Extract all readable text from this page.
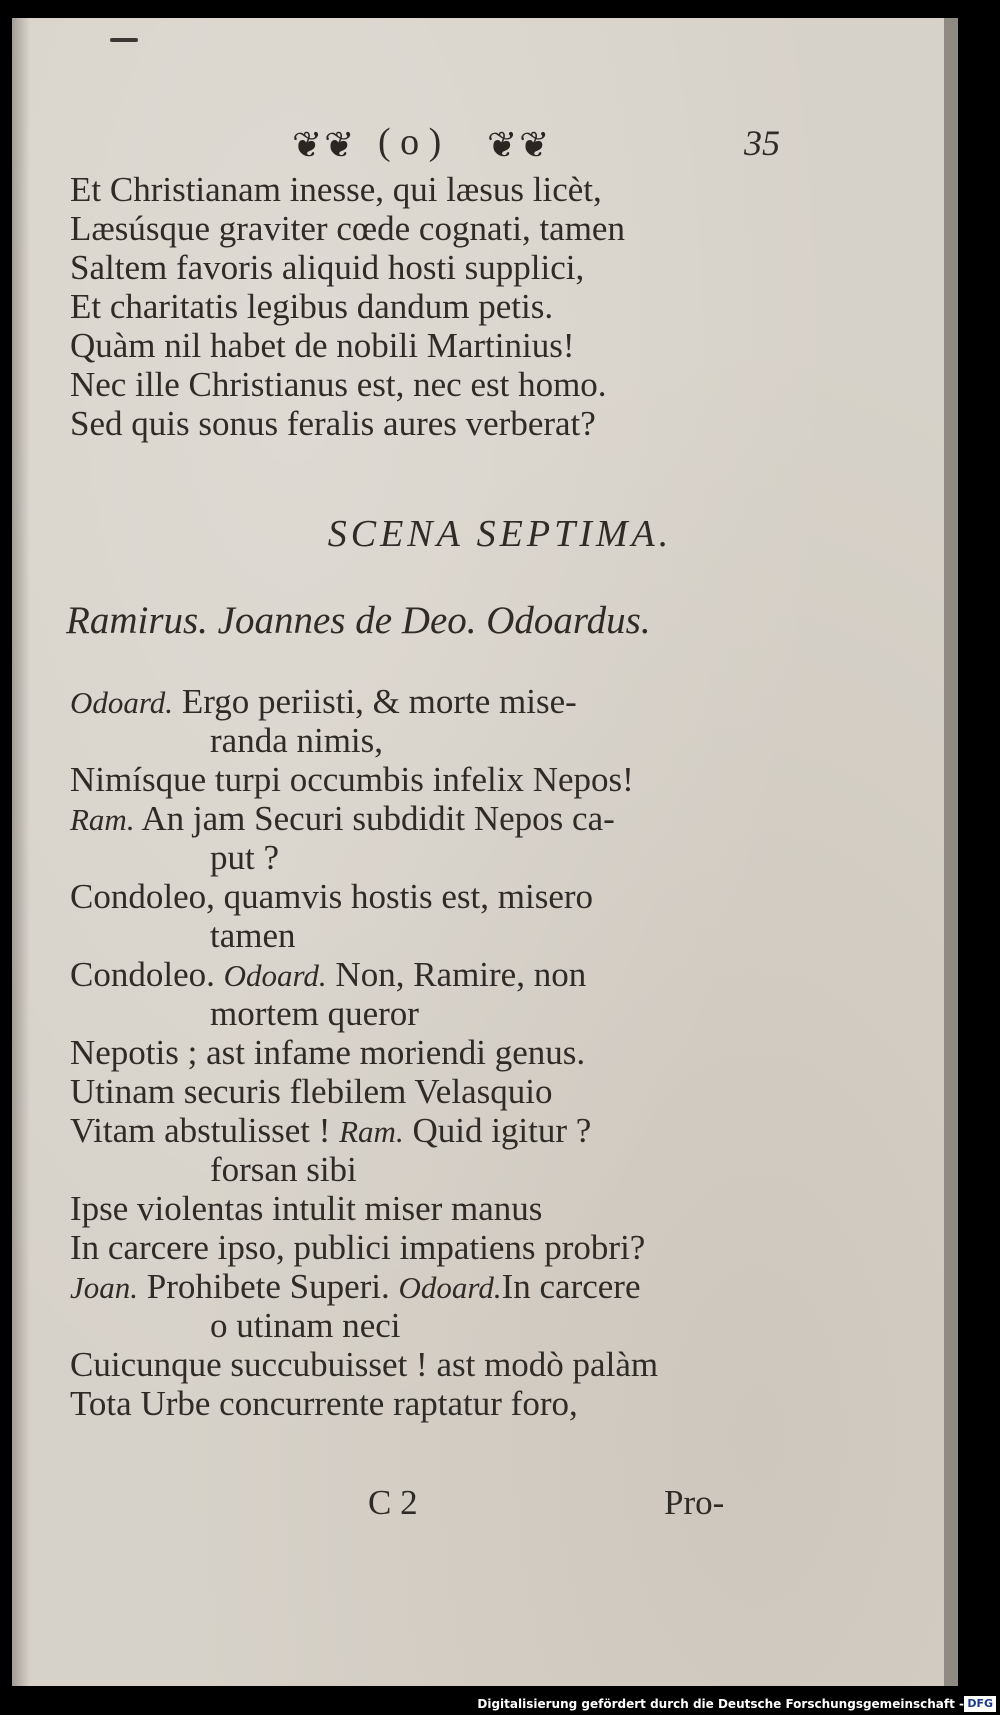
❦❦ ( o ) ❦❦	35
Et Christianam inesse, qui læsus licèt,
Læsúsque graviter cœde cognati, tamen
Saltem favoris aliquid hosti supplici,
Et charitatis legibus dandum petis.
Quàm nil habet de nobili Martinius!
Nec ille Christianus est, nec est homo.
Sed quis sonus feralis aures verberat?
SCENA SEPTIMA.
Ramirus. Joannes de Deo. Odoardus.
Odoard. Ergo periisti, & morte mise-
randa nimis,
Nimísque turpi occumbis infelix Nepos!
Ram. An jam Securi subdidit Nepos ca-
put ?
Condoleo, quamvis hostis est, misero
tamen
Condoleo. Odoard. Non, Ramire, non
mortem queror
Nepotis ; ast infame moriendi genus.
Utinam securis flebilem Velasquio
Vitam abstulisset ! Ram. Quid igitur ?
forsan sibi
Ipse violentas intulit miser manus
In carcere ipso, publici impatiens probri?
Joan. Prohibete Superi. Odoard.In carcere
o utinam neci
Cuicunque succubuisset ! ast modò palàm
Tota Urbe concurrente raptatur foro,
C 2	Pro-
Digitalisierung gefördert durch die Deutsche Forschungsgemeinschaft - DFG
